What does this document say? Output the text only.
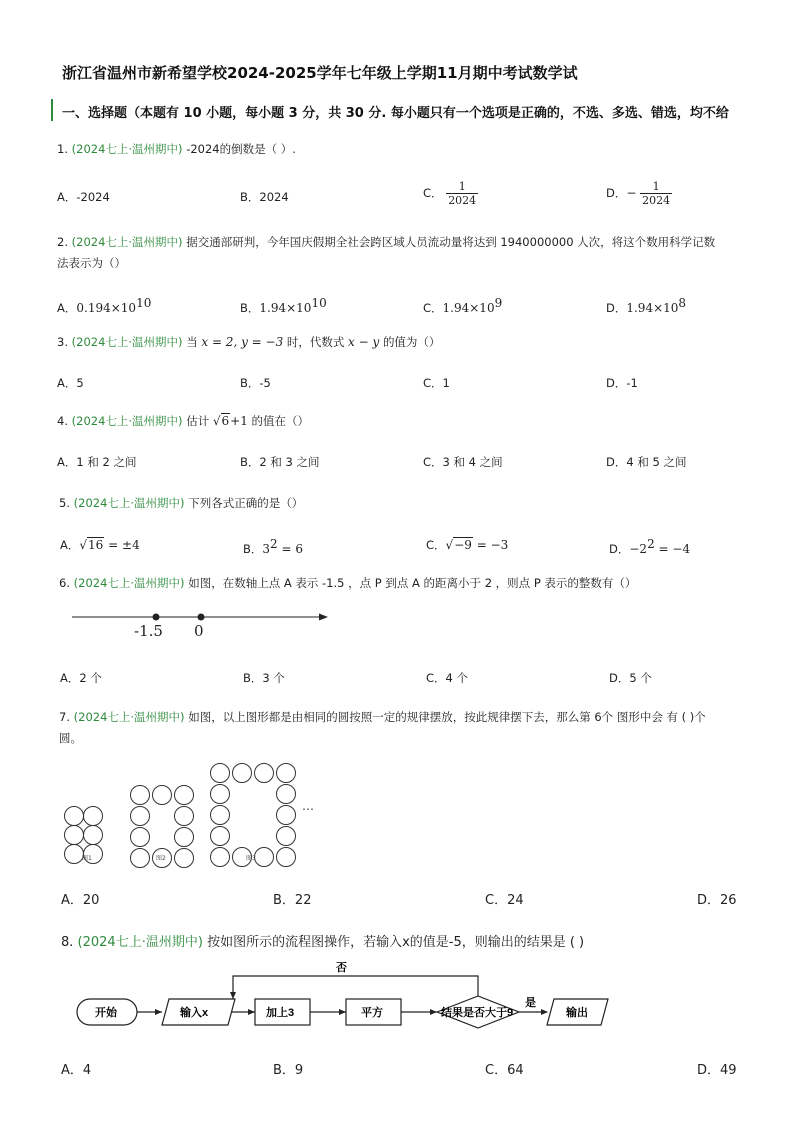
浙江省温州市新希望学校2024-2025学年七年级上学期11月期中考试数学试
一、选择题（本题有 10 小题，每小题 3 分，共 30 分. 每小题只有一个选项是正确的，不选、多选、错选，均不给
1. (2024七上·温州期中) -2024的倒数是（ ）.
A．-2024	B．2024	C． $\frac{1}{2024}$	D．− $\frac{1}{2024}$
2. (2024七上·温州期中) 据交通部研判，今年国庆假期全社会跨区域人员流动量将达到 1940000000 人次，将这个数用科学记数
法表示为（）
A．$0.194\times 10^{10}$	B．$1.94\times 10^{10}$	C．$1.94\times 10^9$	D．$1.94\times 10^8$
3. (2024七上·温州期中) 当 x = 2, y = −3 时，代数式 x − y 的值为（）
A．5	B．-5	C．1	D．-1
4. (2024七上·温州期中) 估计 √6+1 的值在（）
A．1 和 2 之间	B．2 和 3 之间	C．3 和 4 之间	D．4 和 5 之间
5. (2024七上·温州期中) 下列各式正确的是（）
A．√16 = ±4	B．$3^2 = 6$	C．√−9 = −3	D．$-2^2 = -4$
6. (2024七上·温州期中) 如图，在数轴上点 A 表示 -1.5 ，点 P 到点 A 的距离小于 2 ，则点 P 表示的整数有（）
-1.5 0
A．2 个	B．3 个	C．4 个	D．5 个
7. (2024七上·温州期中) 如图，以上图形都是由相同的圆按照一定的规律摆放，按此规律摆下去，那么第 6个 图形中会 有 ( )个
圆。
…
图1	图2	图3
A．20	B．22	C．24	D．26
8. (2024七上·温州期中) 按如图所示的流程图操作，若输入x的值是-5，则输出的结果是 ( )
开始	输入x	加上3	平方	结果是否大于9
是
否
输出
A．4	B．9	C．64	D．49
